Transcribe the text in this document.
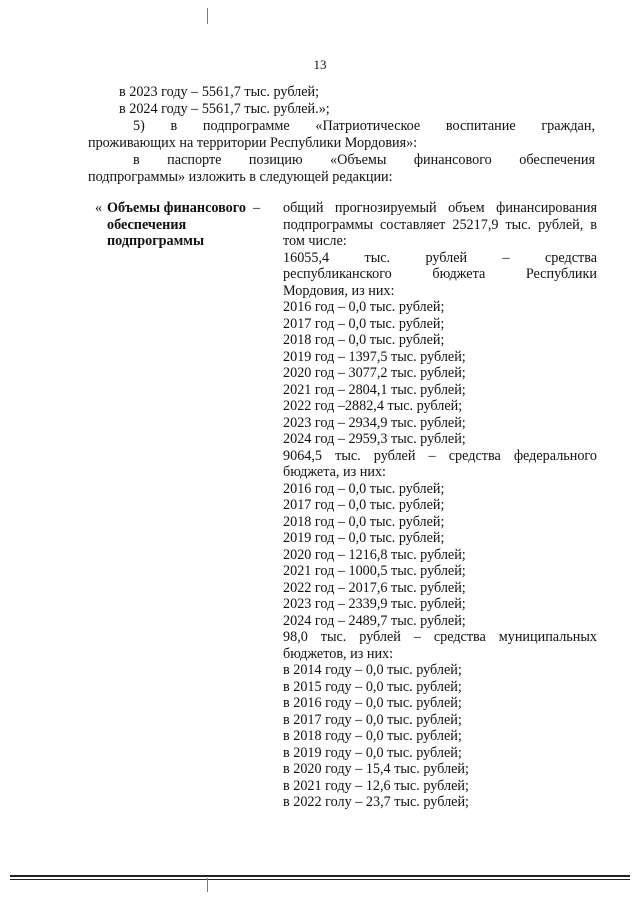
13
в 2023 году – 5561,7 тыс. рублей;
в 2024 году – 5561,7 тыс. рублей.»;
5) в подпрограмме «Патриотическое воспитание граждан,
проживающих на территории Республики Мордовия»:
в паспорте позицию «Объемы финансового обеспечения
подпрограммы» изложить в следующей редакции:
« Объемы финансового обеспечения подпрограммы
– общий прогнозируемый объем финансирования
подпрограммы составляет 25217,9 тыс. рублей, в
том числе:
16055,4 тыс. рублей – средства
республиканского бюджета Республики
Мордовия, из них:
2016 год – 0,0 тыс. рублей;
2017 год – 0,0 тыс. рублей;
2018 год – 0,0 тыс. рублей;
2019 год – 1397,5 тыс. рублей;
2020 год – 3077,2 тыс. рублей;
2021 год – 2804,1 тыс. рублей;
2022 год –2882,4 тыс. рублей;
2023 год – 2934,9 тыс. рублей;
2024 год – 2959,3 тыс. рублей;
9064,5 тыс. рублей – средства федерального
бюджета, из них:
2016 год – 0,0 тыс. рублей;
2017 год – 0,0 тыс. рублей;
2018 год – 0,0 тыс. рублей;
2019 год – 0,0 тыс. рублей;
2020 год – 1216,8 тыс. рублей;
2021 год – 1000,5 тыс. рублей;
2022 год – 2017,6 тыс. рублей;
2023 год – 2339,9 тыс. рублей;
2024 год – 2489,7 тыс. рублей;
98,0 тыс. рублей – средства муниципальных
бюджетов, из них:
в 2014 году – 0,0 тыс. рублей;
в 2015 году – 0,0 тыс. рублей;
в 2016 году – 0,0 тыс. рублей;
в 2017 году – 0,0 тыс. рублей;
в 2018 году – 0,0 тыс. рублей;
в 2019 году – 0,0 тыс. рублей;
в 2020 году – 15,4 тыс. рублей;
в 2021 году – 12,6 тыс. рублей;
в 2022 голу – 23,7 тыс. рублей;
